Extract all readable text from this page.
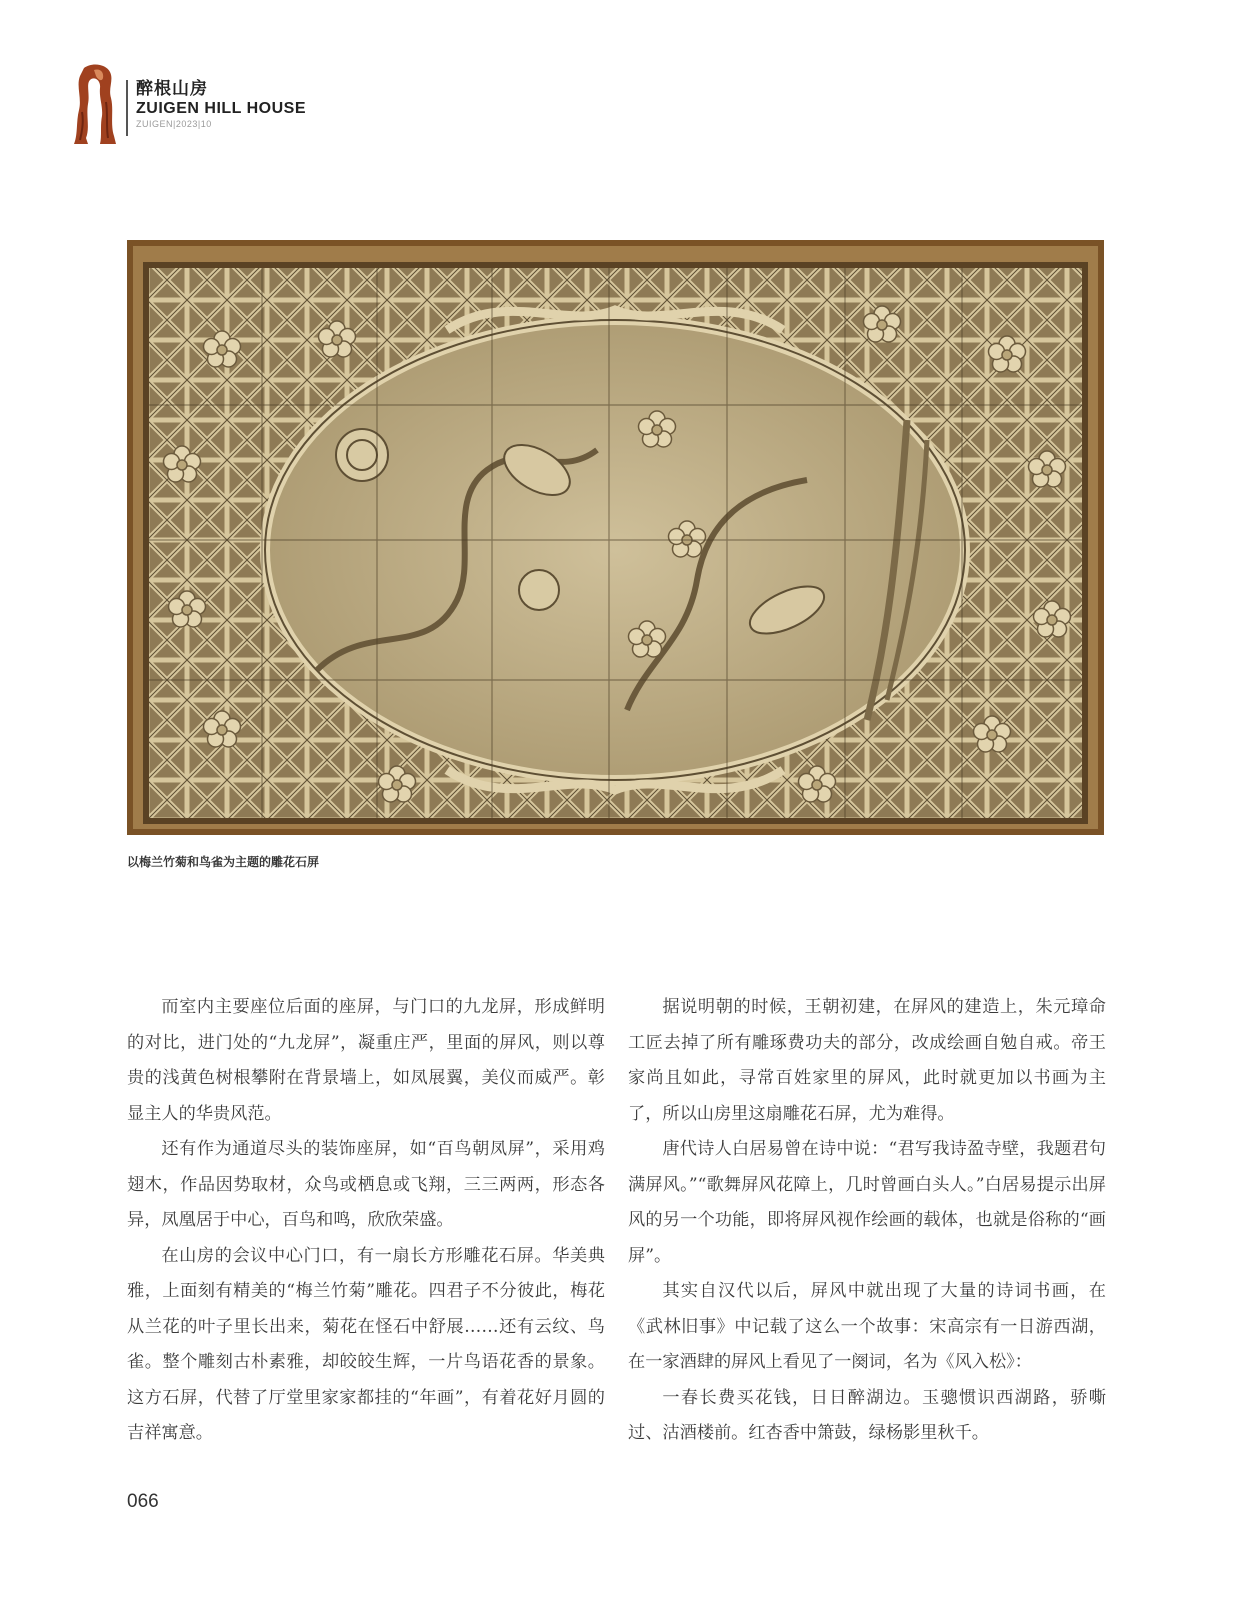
醉根山房
ZUIGEN HILL HOUSE
ZUIGEN|2023|10
以梅兰竹菊和鸟雀为主题的雕花石屏

而室内主要座位后面的座屏，与门口的九龙屏，形成鲜明的对比，进门处的“九龙屏”，凝重庄严，里面的屏风，则以尊贵的浅黄色树根攀附在背景墙上，如凤展翼，美仪而威严。彰显主人的华贵风范。

还有作为通道尽头的装饰座屏，如“百鸟朝凤屏”，采用鸡翅木，作品因势取材，众鸟或栖息或飞翔，三三两两，形态各异，凤凰居于中心，百鸟和鸣，欣欣荣盛。

在山房的会议中心门口，有一扇长方形雕花石屏。华美典雅，上面刻有精美的“梅兰竹菊”雕花。四君子不分彼此，梅花从兰花的叶子里长出来，菊花在怪石中舒展……还有云纹、鸟雀。整个雕刻古朴素雅，却皎皎生辉，一片鸟语花香的景象。这方石屏，代替了厅堂里家家都挂的“年画”，有着花好月圆的吉祥寓意。

据说明朝的时候，王朝初建，在屏风的建造上，朱元璋命工匠去掉了所有雕琢费功夫的部分，改成绘画自勉自戒。帝王家尚且如此，寻常百姓家里的屏风，此时就更加以书画为主了，所以山房里这扇雕花石屏，尤为难得。

唐代诗人白居易曾在诗中说：“君写我诗盈寺壁，我题君句满屏风。”“歌舞屏风花障上，几时曾画白头人。”白居易提示出屏风的另一个功能，即将屏风视作绘画的载体，也就是俗称的“画屏”。

其实自汉代以后，屏风中就出现了大量的诗词书画，在《武林旧事》中记载了这么一个故事：宋高宗有一日游西湖，在一家酒肆的屏风上看见了一阕词，名为《风入松》：

一春长费买花钱，日日醉湖边。玉骢惯识西湖路，骄嘶过、沽酒楼前。红杏香中箫鼓，绿杨影里秋千。

066
